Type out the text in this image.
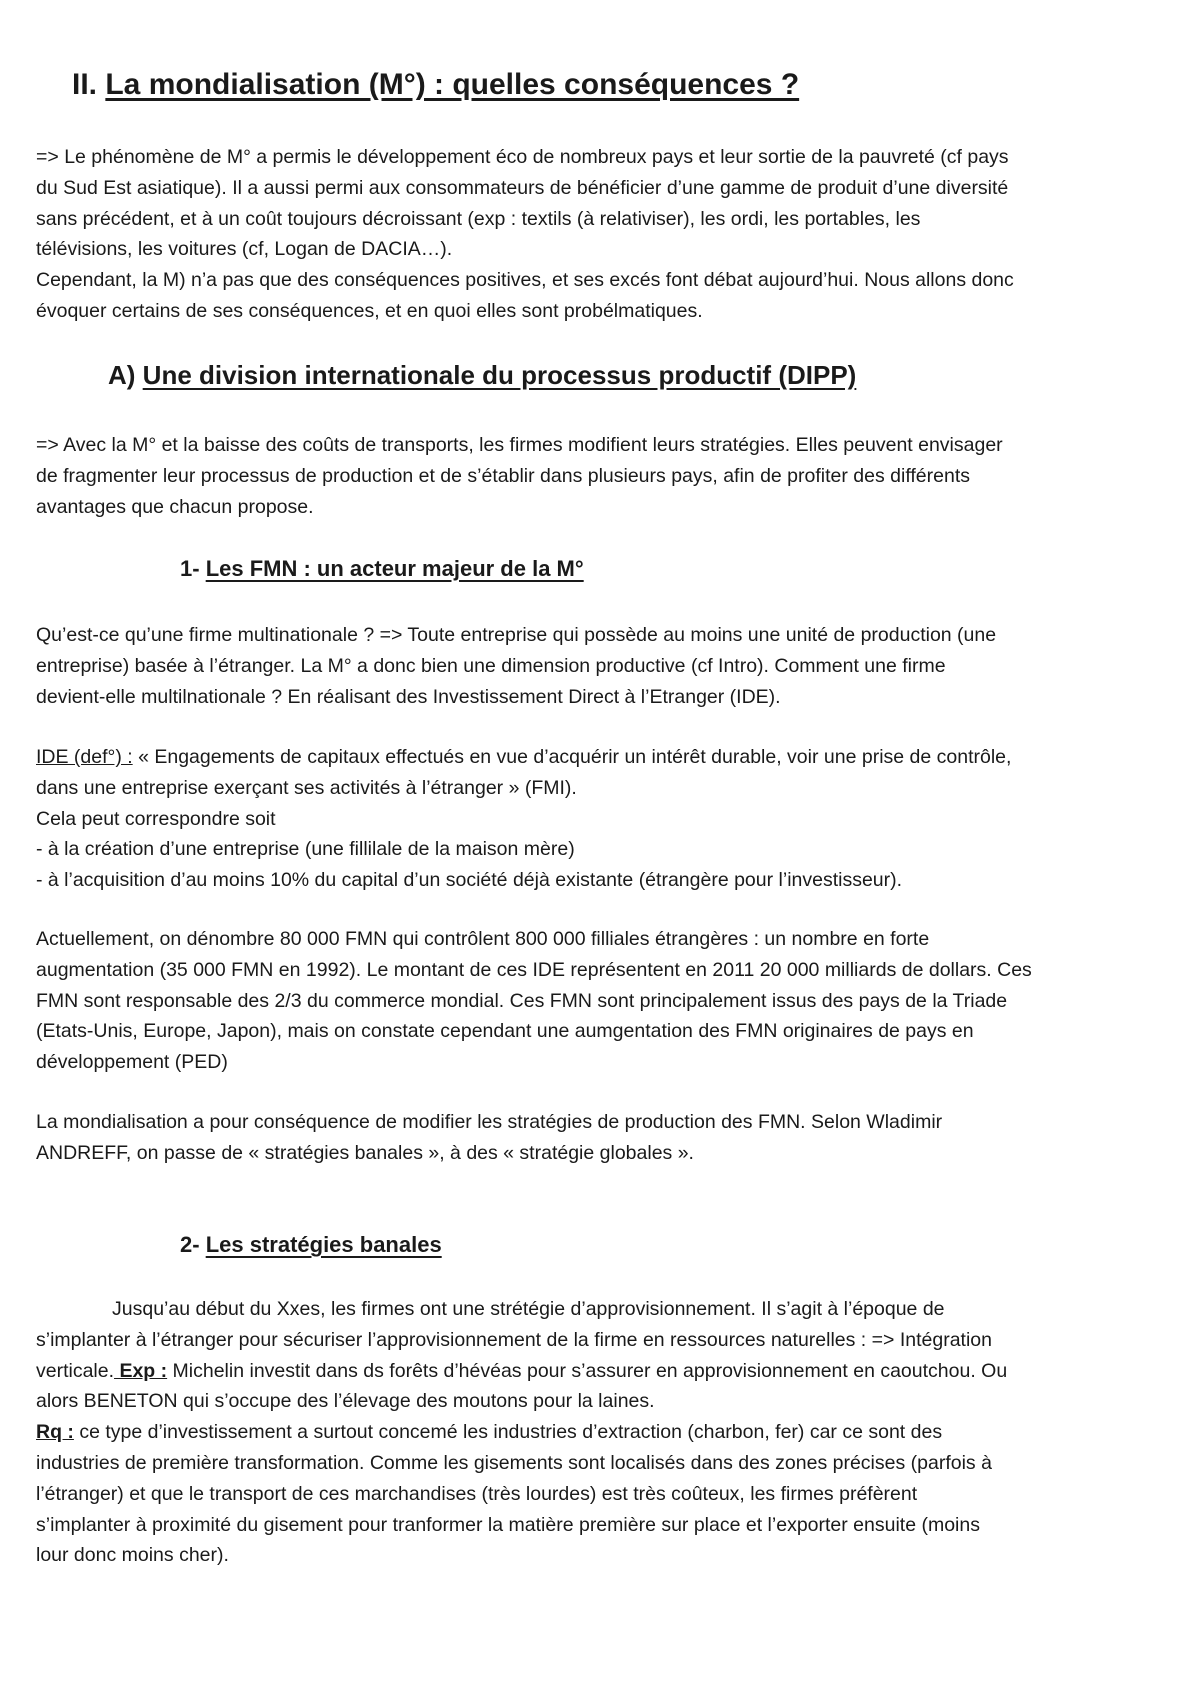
II. La mondialisation (M°) : quelles conséquences ?

=> Le phénomène de M° a permis le développement éco de nombreux pays et leur sortie de la pauvreté (cf pays
du Sud Est asiatique). Il a aussi permi aux consommateurs de bénéficier d’une gamme de produit d’une diversité
sans précédent, et à un coût toujours décroissant (exp : textils (à relativiser), les ordi, les portables, les
télévisions, les voitures (cf, Logan de DACIA…).
Cependant, la M) n’a pas que des conséquences positives, et ses excés font débat aujourd’hui. Nous allons donc
évoquer certains de ses conséquences, et en quoi elles sont probélmatiques.

A) Une division internationale du processus productif (DIPP)

=> Avec la M° et la baisse des coûts de transports, les firmes modifient leurs stratégies. Elles peuvent envisager
de fragmenter leur processus de production et de s’établir dans plusieurs pays, afin de profiter des différents
avantages que chacun propose.

1- Les FMN : un acteur majeur de la M°

Qu’est-ce qu’une firme multinationale ? => Toute entreprise qui possède au moins une unité de production (une
entreprise) basée à l’étranger. La M° a donc bien une dimension productive (cf Intro). Comment une firme
devient-elle multilnationale ? En réalisant des Investissement Direct à l’Etranger (IDE).

IDE (def°) : « Engagements de capitaux effectués en vue d’acquérir un intérêt durable, voir une prise de contrôle,
dans une entreprise exerçant ses activités à l’étranger » (FMI).
Cela peut correspondre soit
- à la création d’une entreprise (une fillilale de la maison mère)
- à l’acquisition d’au moins 10% du capital d’un société déjà existante (étrangère pour l’investisseur).

Actuellement, on dénombre 80 000 FMN qui contrôlent 800 000 filliales étrangères : un nombre en forte
augmentation (35 000 FMN en 1992). Le montant de ces IDE représentent en 2011 20 000 milliards de dollars. Ces
FMN sont responsable des 2/3 du commerce mondial. Ces FMN sont principalement issus des pays de la Triade
(Etats-Unis, Europe, Japon), mais on constate cependant une aumgentation des FMN originaires de pays en
développement (PED)

La mondialisation a pour conséquence de modifier les stratégies de production des FMN. Selon Wladimir
ANDREFF, on passe de « stratégies banales », à des « stratégie globales ».

2- Les stratégies banales

Jusqu’au début du Xxes, les firmes ont une strétégie d’approvisionnement. Il s’agit à l’époque de
s’implanter à l’étranger pour sécuriser l’approvisionnement de la firme en ressources naturelles : => Intégration
verticale. Exp : Michelin investit dans ds forêts d’hévéas pour s’assurer en approvisionnement en caoutchou. Ou
alors BENETON qui s’occupe des l’élevage des moutons pour la laines.
Rq : ce type d’investissement a surtout concemé les industries d’extraction (charbon, fer) car ce sont des
industries de première transformation. Comme les gisements sont localisés dans des zones précises (parfois à
l’étranger) et que le transport de ces marchandises (très lourdes) est très coûteux, les firmes préfèrent
s’implanter à proximité du gisement pour tranformer la matière première sur place et l’exporter ensuite (moins
lour donc moins cher).
